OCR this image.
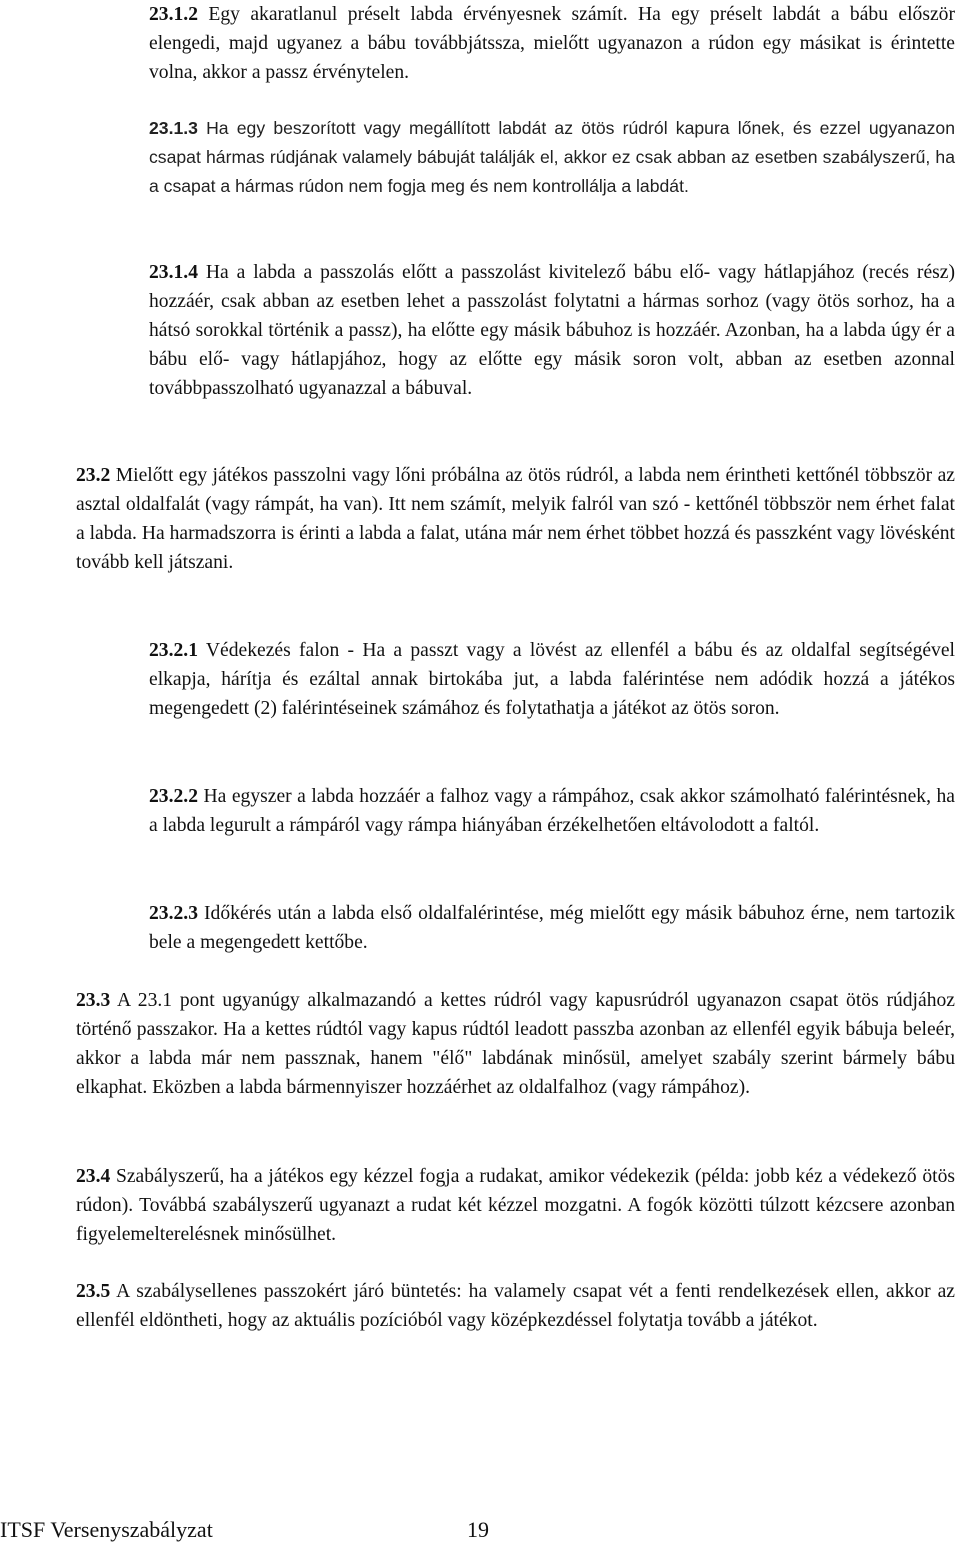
23.1.2 Egy akaratlanul préselt labda érvényesnek számít. Ha egy préselt labdát a bábu először elengedi, majd ugyanez a bábu továbbjátssza, mielőtt ugyanazon a rúdon egy másikat is érintette volna, akkor a passz érvénytelen.

23.1.3 Ha egy beszorított vagy megállított labdát az ötös rúdról kapura lőnek, és ezzel ugyanazon csapat hármas rúdjának valamely bábuját találják el, akkor ez csak abban az esetben szabályszerű, ha a csapat a hármas rúdon nem fogja meg és nem kontrollálja a labdát.

23.1.4 Ha a labda a passzolás előtt a passzolást kivitelező bábu elő- vagy hátlapjához (recés rész) hozzáér, csak abban az esetben lehet a passzolást folytatni a hármas sorhoz (vagy ötös sorhoz, ha a hátsó sorokkal történik a passz), ha előtte egy másik bábuhoz is hozzáér. Azonban, ha a labda úgy ér a bábu elő- vagy hátlapjához, hogy az előtte egy másik soron volt, abban az esetben azonnal továbbpasszolható ugyanazzal a bábuval.

23.2 Mielőtt egy játékos passzolni vagy lőni próbálna az ötös rúdról, a labda nem érintheti kettőnél többször az asztal oldalfalát (vagy rámpát, ha van). Itt nem számít, melyik falról van szó - kettőnél többször nem érhet falat a labda. Ha harmadszorra is érinti a labda a falat, utána már nem érhet többet hozzá és passzként vagy lövésként tovább kell játszani.

23.2.1 Védekezés falon - Ha a passzt vagy a lövést az ellenfél a bábu és az oldalfal segítségével elkapja, hárítja és ezáltal annak birtokába jut, a labda falérintése nem adódik hozzá a játékos megengedett (2) falérintéseinek számához és folytathatja a játékot az ötös soron.

23.2.2 Ha egyszer a labda hozzáér a falhoz vagy a rámpához, csak akkor számolható falérintésnek, ha a labda legurult a rámpáról vagy rámpa hiányában érzékelhetően eltávolodott a faltól.

23.2.3 Időkérés után a labda első oldalfalérintése, még mielőtt egy másik bábuhoz érne, nem tartozik bele a megengedett kettőbe.

23.3 A 23.1 pont ugyanúgy alkalmazandó a kettes rúdról vagy kapusrúdról ugyanazon csapat ötös rúdjához történő passzakor. Ha a kettes rúdtól vagy kapus rúdtól leadott passzba azonban az ellenfél egyik bábuja beleér, akkor a labda már nem passznak, hanem "élő" labdának minősül, amelyet szabály szerint bármely bábu elkaphat. Eközben a labda bármennyiszer hozzáérhet az oldalfalhoz (vagy rámpához).

23.4 Szabályszerű, ha a játékos egy kézzel fogja a rudakat, amikor védekezik (példa: jobb kéz a védekező ötös rúdon). Továbbá szabályszerű ugyanazt a rudat két kézzel mozgatni. A fogók közötti túlzott kézcsere azonban figyelemelterelésnek minősülhet.

23.5 A szabálysellenes passzokért járó büntetés: ha valamely csapat vét a fenti rendelkezések ellen, akkor az ellenfél eldöntheti, hogy az aktuális pozícióból vagy középkezdéssel folytatja tovább a játékot.

ITSF Versenyszabályzat	19
